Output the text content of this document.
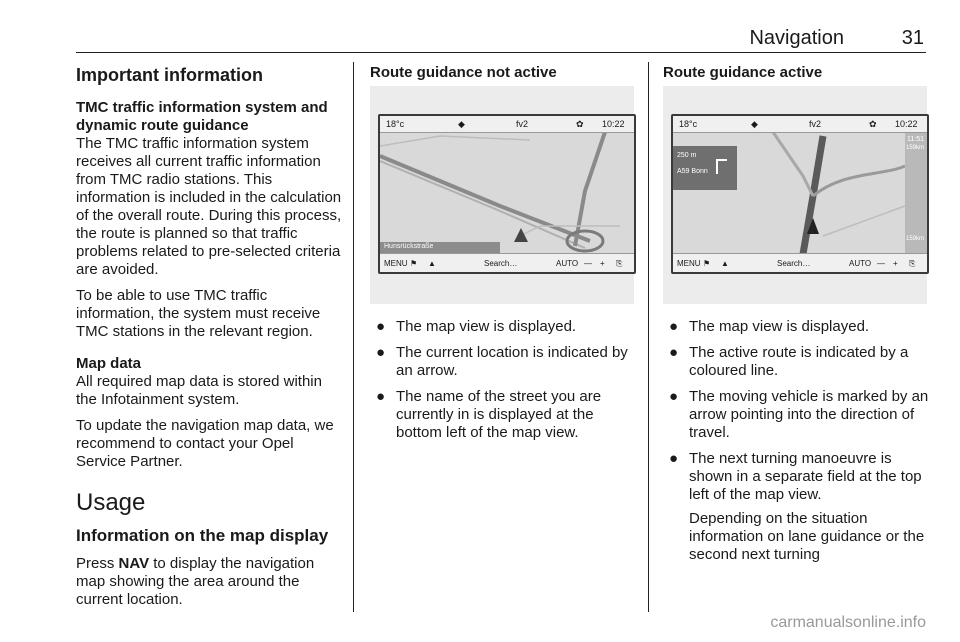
Navigation	31
Important information
TMC traffic information system and dynamic route guidance

The TMC traffic information system receives all current traffic information from TMC radio stations. This information is included in the calculation of the overall route. During this process, the route is planned so that traffic problems related to pre-selected criteria are avoided.

To be able to use TMC traffic information, the system must receive TMC stations in the relevant region.

Map data

All required map data is stored within the Infotainment system.

To update the navigation map data, we recommend to contact your Opel Service Partner.

Usage
Information on the map display

Press NAV to display the navigation map showing the area around the current location.

Route guidance not active
18°c	◆	fv2	✿ 10:22
Hunsrückstraße
MENU ⚑ ▲	Search…	AUTO — + ⎘
● The map view is displayed.
● The current location is indicated by an arrow.
● The name of the street you are currently in is displayed at the bottom left of the map view.
Route guidance active
18°c	◆	fv2	✿ 10:22
250 m
A59 Bonn
11:51
159km
159km
MENU ⚑ ▲	Search…	AUTO — + ⎘
● The map view is displayed.
● The active route is indicated by a coloured line.
● The moving vehicle is marked by an arrow pointing into the direction of travel.
● The next turning manoeuvre is shown in a separate field at the top left of the map view.

Depending on the situation information on lane guidance or the second next turning

carmanualsonline.info
